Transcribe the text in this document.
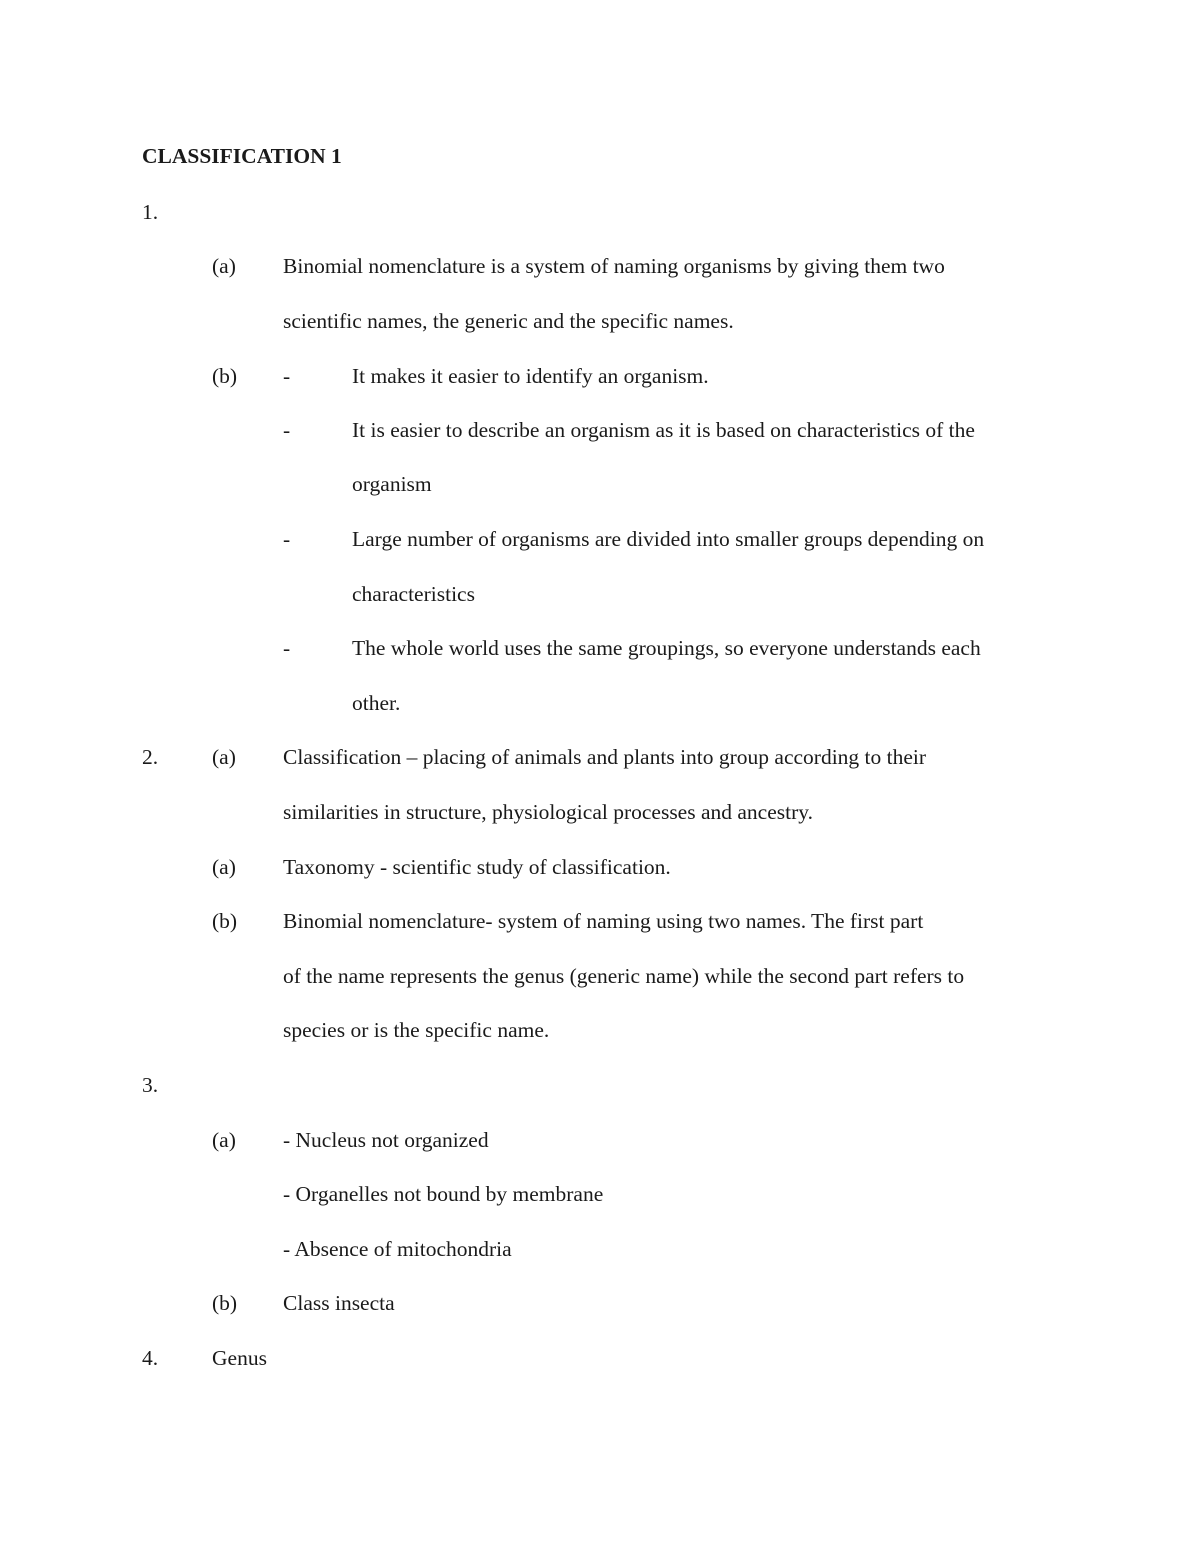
CLASSIFICATION 1
1.
(a) Binomial nomenclature is a system of naming organisms by giving them two
scientific names, the generic and the specific names.
(b) -	It makes it easier to identify an organism.
-	It is easier to describe an organism as it is based on characteristics of the
organism
-	Large number of organisms are divided into smaller groups depending on
characteristics
-	The whole world uses the same groupings, so everyone understands each
other.
2.	(a) Classification – placing of animals and plants into group according to their
similarities in structure, physiological processes and ancestry.
(a) Taxonomy - scientific study of classification.
(b) Binomial nomenclature- system of naming using two names. The first part
of the name represents the genus (generic name) while the second part refers to
species or is the specific name.
3.
(a) - Nucleus not organized
- Organelles not bound by membrane
- Absence of mitochondria
(b) Class insecta
4.	Genus
